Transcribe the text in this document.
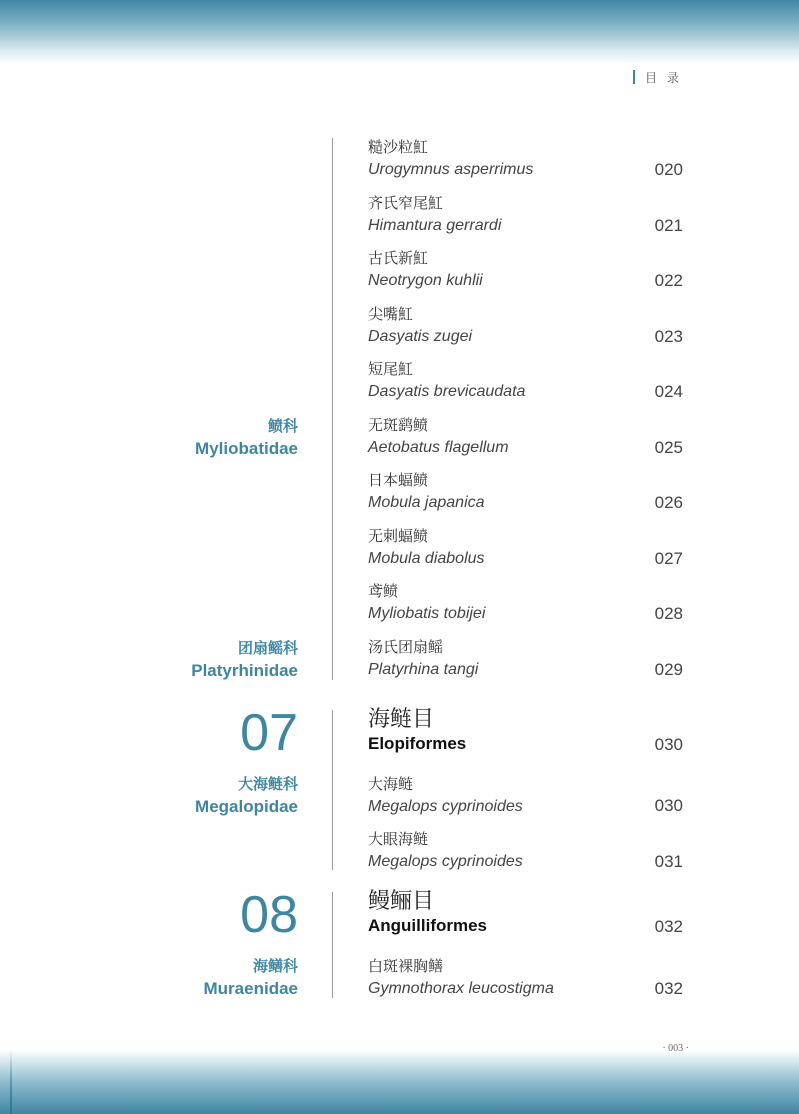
目录
糙沙粒魟
Urogymnus asperrimus	020
齐氏窄尾魟
Himantura gerrardi	021
古氏新魟
Neotrygon kuhlii	022
尖嘴魟
Dasyatis zugei	023
短尾魟
Dasyatis brevicaudata	024
鲼科
Myliobatidae
无斑鹞鲼
Aetobatus flagellum	025
日本蝠鲼
Mobula japanica	026
无刺蝠鲼
Mobula diabolus	027
鸢鲼
Myliobatis tobijei	028
团扇鳐科
Platyrhinidae
汤氏团扇鳐
Platyrhina tangi	029
07	海鲢目
Elopiformes	030
大海鲢科
Megalopidae
大海鲢
Megalops cyprinoides	030
大眼海鲢
Megalops cyprinoides	031
08	鳗鲡目
Anguilliformes	032
海鳝科
Muraenidae
白斑裸胸鳝
Gymnothorax leucostigma	032
· 003 ·
